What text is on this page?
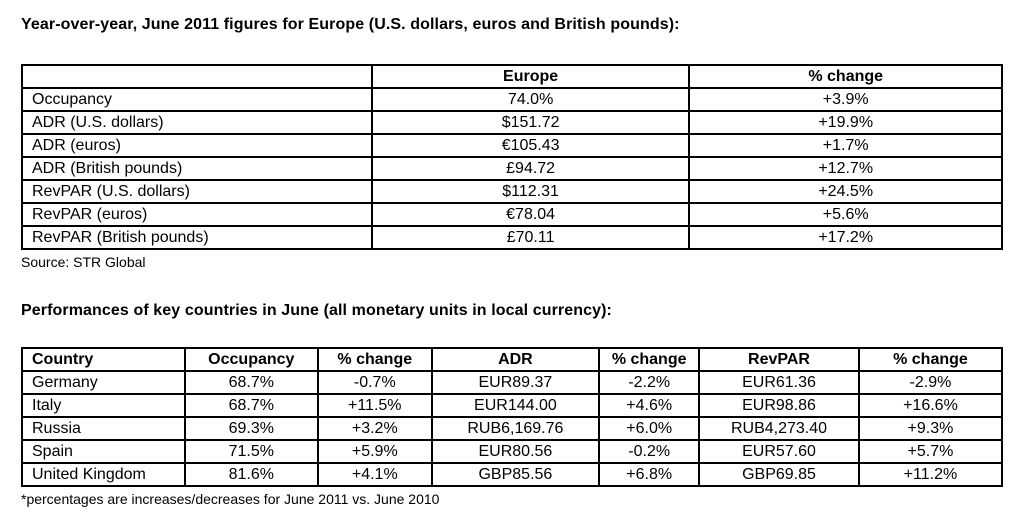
Year-over-year, June 2011 figures for Europe (U.S. dollars, euros and British pounds):
	Europe	% change
Occupancy	74.0%	+3.9%
ADR (U.S. dollars)	$151.72	+19.9%
ADR (euros)	€105.43	+1.7%
ADR (British pounds)	£94.72	+12.7%
RevPAR (U.S. dollars)	$112.31	+24.5%
RevPAR (euros)	€78.04	+5.6%
RevPAR (British pounds)	£70.11	+17.2%
Source: STR Global
Performances of key countries in June (all monetary units in local currency):
Country	Occupancy	% change	ADR	% change	RevPAR	% change
Germany	68.7%	-0.7%	EUR89.37	-2.2%	EUR61.36	-2.9%
Italy	68.7%	+11.5%	EUR144.00	+4.6%	EUR98.86	+16.6%
Russia	69.3%	+3.2%	RUB6,169.76	+6.0%	RUB4,273.40	+9.3%
Spain	71.5%	+5.9%	EUR80.56	-0.2%	EUR57.60	+5.7%
United Kingdom	81.6%	+4.1%	GBP85.56	+6.8%	GBP69.85	+11.2%
*percentages are increases/decreases for June 2011 vs. June 2010
